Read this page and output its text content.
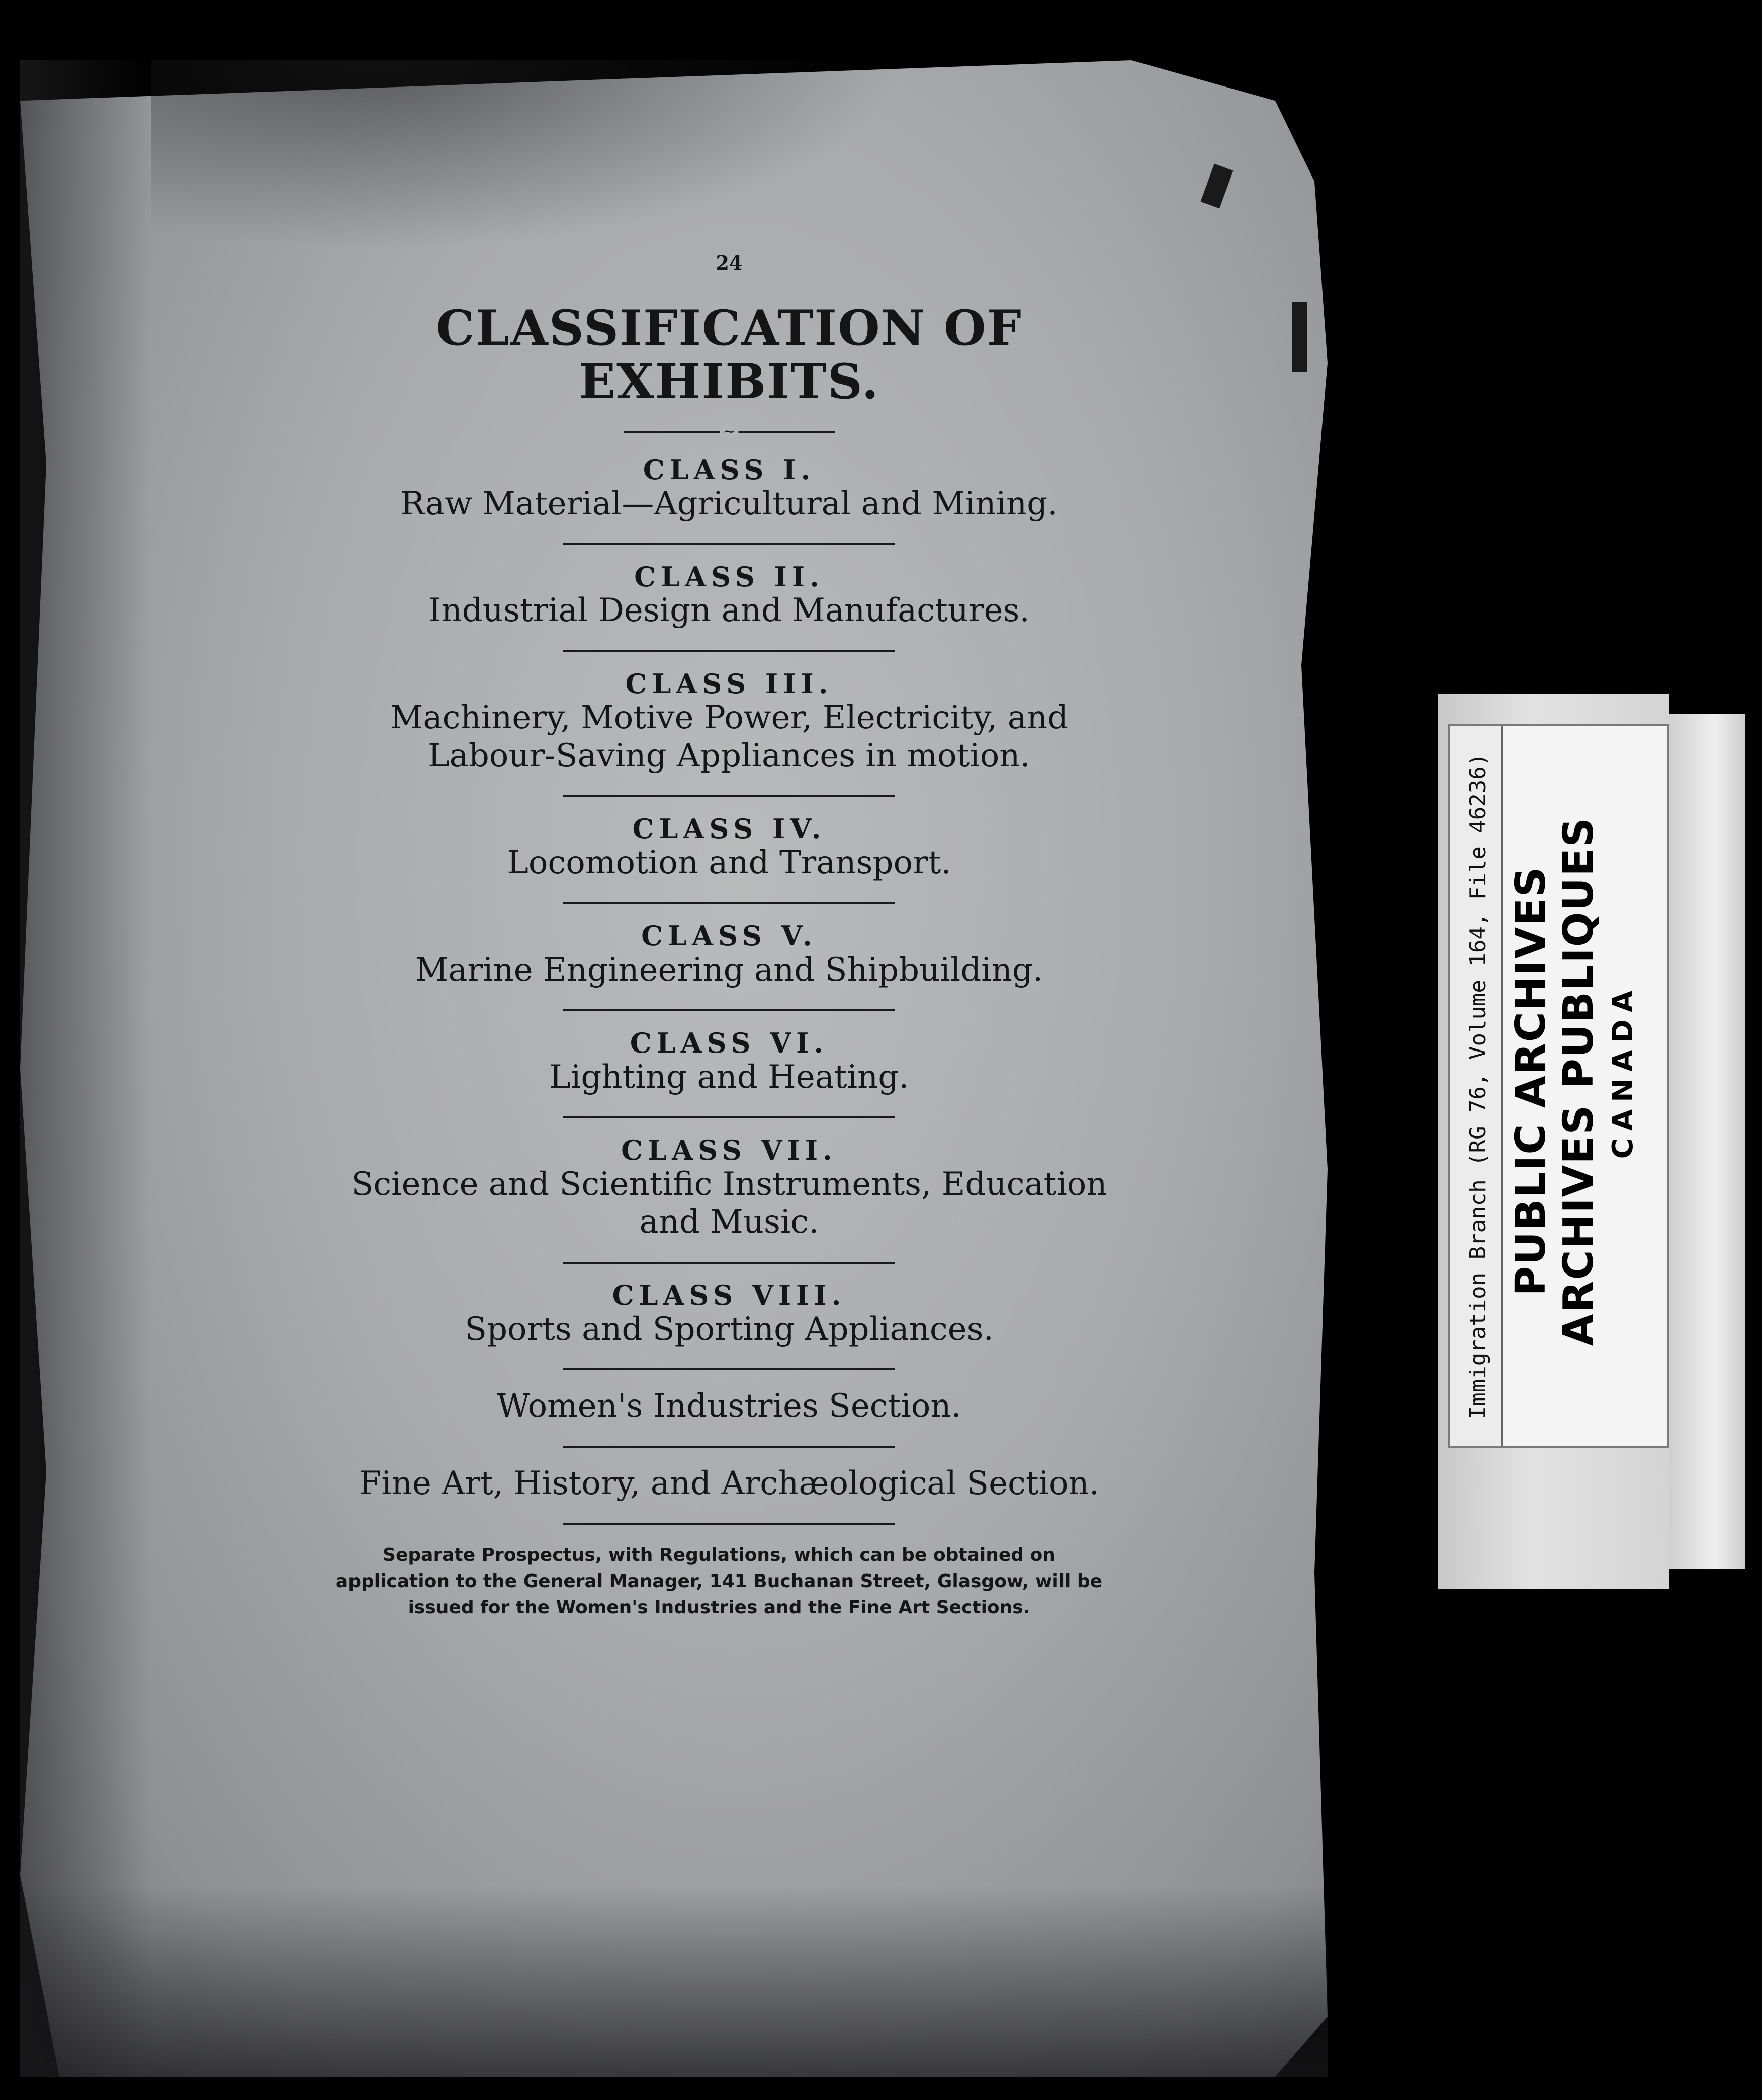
24
CLASSIFICATION OF EXHIBITS.
~
CLASS I.
Raw Material—Agricultural and Mining.
CLASS II.
Industrial Design and Manufactures.
CLASS III.
Machinery, Motive Power, Electricity, and Labour-Saving Appliances in motion.
CLASS IV.
Locomotion and Transport.
CLASS V.
Marine Engineering and Shipbuilding.
CLASS VI.
Lighting and Heating.
CLASS VII.
Science and Scientific Instruments, Education and Music.
CLASS VIII.
Sports and Sporting Appliances.
Women's Industries Section.
Fine Art, History, and Archæological Section.
Separate Prospectus, with Regulations, which can be obtained on application to the General Manager, 141 Buchanan Street, Glasgow, will be issued for the Women's Industries and the Fine Art Sections.
Immigration Branch (RG 76, Volume 164, File 46236) PUBLIC ARCHIVES ARCHIVES PUBLIQUES CANADA
